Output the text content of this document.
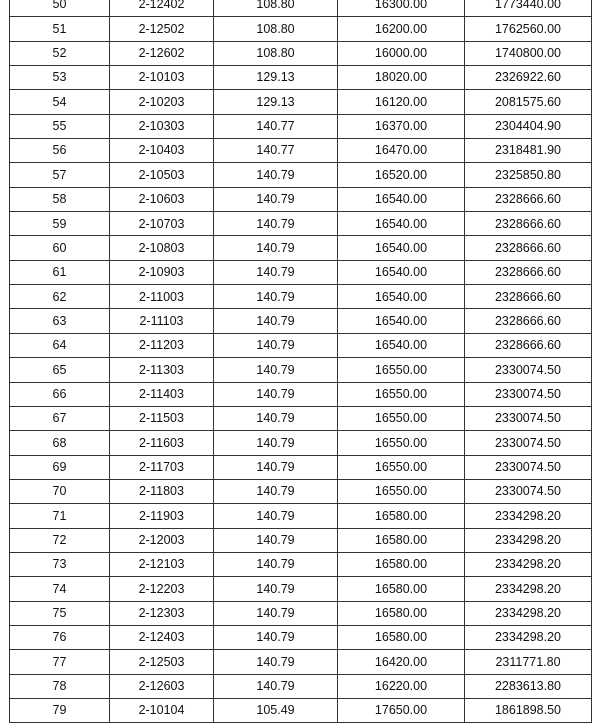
50	2-12402	108.80	16300.00	1773440.00
51	2-12502	108.80	16200.00	1762560.00
52	2-12602	108.80	16000.00	1740800.00
53	2-10103	129.13	18020.00	2326922.60
54	2-10203	129.13	16120.00	2081575.60
55	2-10303	140.77	16370.00	2304404.90
56	2-10403	140.77	16470.00	2318481.90
57	2-10503	140.79	16520.00	2325850.80
58	2-10603	140.79	16540.00	2328666.60
59	2-10703	140.79	16540.00	2328666.60
60	2-10803	140.79	16540.00	2328666.60
61	2-10903	140.79	16540.00	2328666.60
62	2-11003	140.79	16540.00	2328666.60
63	2-11103	140.79	16540.00	2328666.60
64	2-11203	140.79	16540.00	2328666.60
65	2-11303	140.79	16550.00	2330074.50
66	2-11403	140.79	16550.00	2330074.50
67	2-11503	140.79	16550.00	2330074.50
68	2-11603	140.79	16550.00	2330074.50
69	2-11703	140.79	16550.00	2330074.50
70	2-11803	140.79	16550.00	2330074.50
71	2-11903	140.79	16580.00	2334298.20
72	2-12003	140.79	16580.00	2334298.20
73	2-12103	140.79	16580.00	2334298.20
74	2-12203	140.79	16580.00	2334298.20
75	2-12303	140.79	16580.00	2334298.20
76	2-12403	140.79	16580.00	2334298.20
77	2-12503	140.79	16420.00	2311771.80
78	2-12603	140.79	16220.00	2283613.80
79	2-10104	105.49	17650.00	1861898.50
